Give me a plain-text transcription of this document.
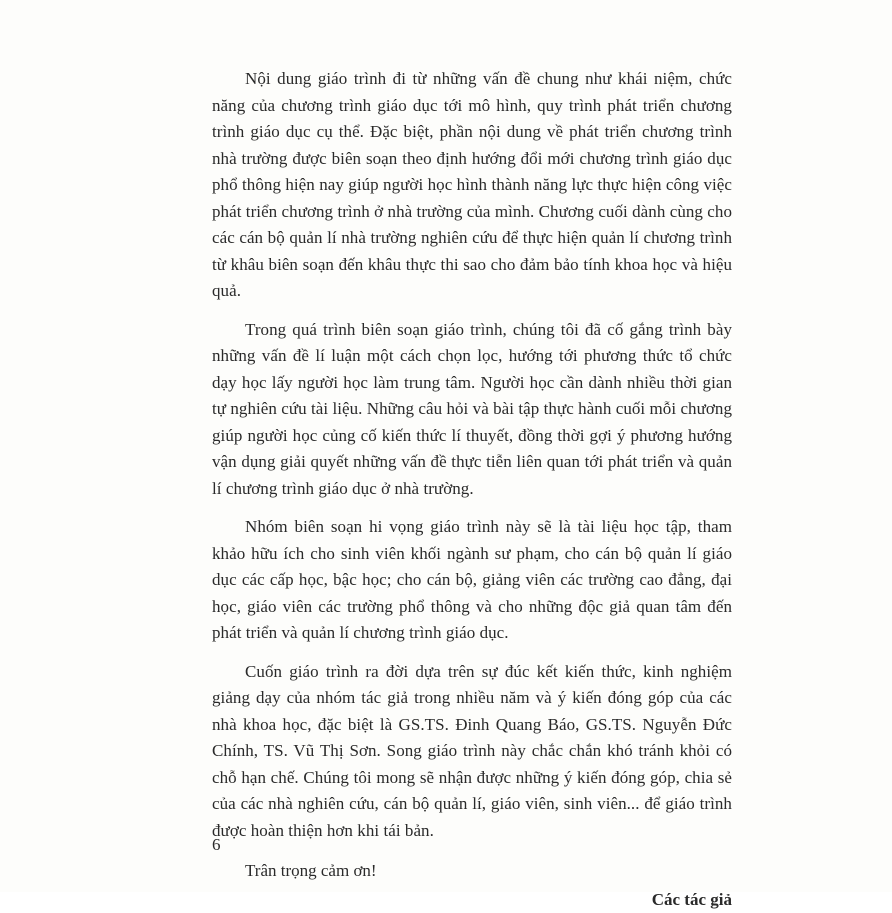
Nội dung giáo trình đi từ những vấn đề chung như khái niệm, chức năng của chương trình giáo dục tới mô hình, quy trình phát triển chương trình giáo dục cụ thể. Đặc biệt, phần nội dung về phát triển chương trình nhà trường được biên soạn theo định hướng đổi mới chương trình giáo dục phổ thông hiện nay giúp người học hình thành năng lực thực hiện công việc phát triển chương trình ở nhà trường của mình. Chương cuối dành cùng cho các cán bộ quản lí nhà trường nghiên cứu để thực hiện quản lí chương trình từ khâu biên soạn đến khâu thực thi sao cho đảm bảo tính khoa học và hiệu quả.

Trong quá trình biên soạn giáo trình, chúng tôi đã cố gắng trình bày những vấn đề lí luận một cách chọn lọc, hướng tới phương thức tổ chức dạy học lấy người học làm trung tâm. Người học cần dành nhiều thời gian tự nghiên cứu tài liệu. Những câu hỏi và bài tập thực hành cuối mỗi chương giúp người học củng cố kiến thức lí thuyết, đồng thời gợi ý phương hướng vận dụng giải quyết những vấn đề thực tiễn liên quan tới phát triển và quản lí chương trình giáo dục ở nhà trường.

Nhóm biên soạn hi vọng giáo trình này sẽ là tài liệu học tập, tham khảo hữu ích cho sinh viên khối ngành sư phạm, cho cán bộ quản lí giáo dục các cấp học, bậc học; cho cán bộ, giảng viên các trường cao đẳng, đại học, giáo viên các trường phổ thông và cho những độc giả quan tâm đến phát triển và quản lí chương trình giáo dục.

Cuốn giáo trình ra đời dựa trên sự đúc kết kiến thức, kinh nghiệm giảng dạy của nhóm tác giả trong nhiều năm và ý kiến đóng góp của các nhà khoa học, đặc biệt là GS.TS. Đinh Quang Báo, GS.TS. Nguyễn Đức Chính, TS. Vũ Thị Sơn. Song giáo trình này chắc chắn khó tránh khỏi có chỗ hạn chế. Chúng tôi mong sẽ nhận được những ý kiến đóng góp, chia sẻ của các nhà nghiên cứu, cán bộ quản lí, giáo viên, sinh viên... để giáo trình được hoàn thiện hơn khi tái bản.

Trân trọng cảm ơn!

Các tác giả

6
